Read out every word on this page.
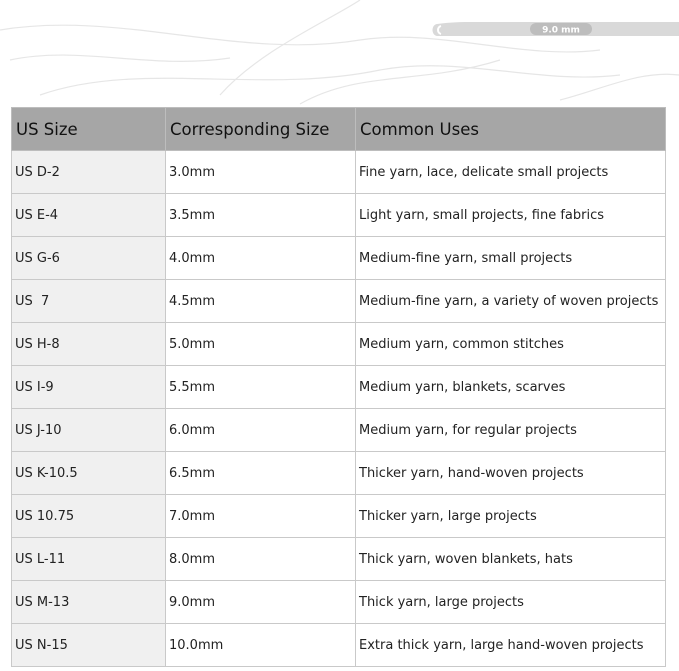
9.0 mm
US Size	Corresponding Size	Common Uses
US D-2	3.0mm	Fine yarn, lace, delicate small projects
US E-4	3.5mm	Light yarn, small projects, fine fabrics
US G-6	4.0mm	Medium-fine yarn, small projects
US  7	4.5mm	Medium-fine yarn, a variety of woven projects
US H-8	5.0mm	Medium yarn, common stitches
US I-9	5.5mm	Medium yarn, blankets, scarves
US J-10	6.0mm	Medium yarn, for regular projects
US K-10.5	6.5mm	Thicker yarn, hand-woven projects
US 10.75	7.0mm	Thicker yarn, large projects
US L-11	8.0mm	Thick yarn, woven blankets, hats
US M-13	9.0mm	Thick yarn, large projects
US N-15	10.0mm	Extra thick yarn, large hand-woven projects
